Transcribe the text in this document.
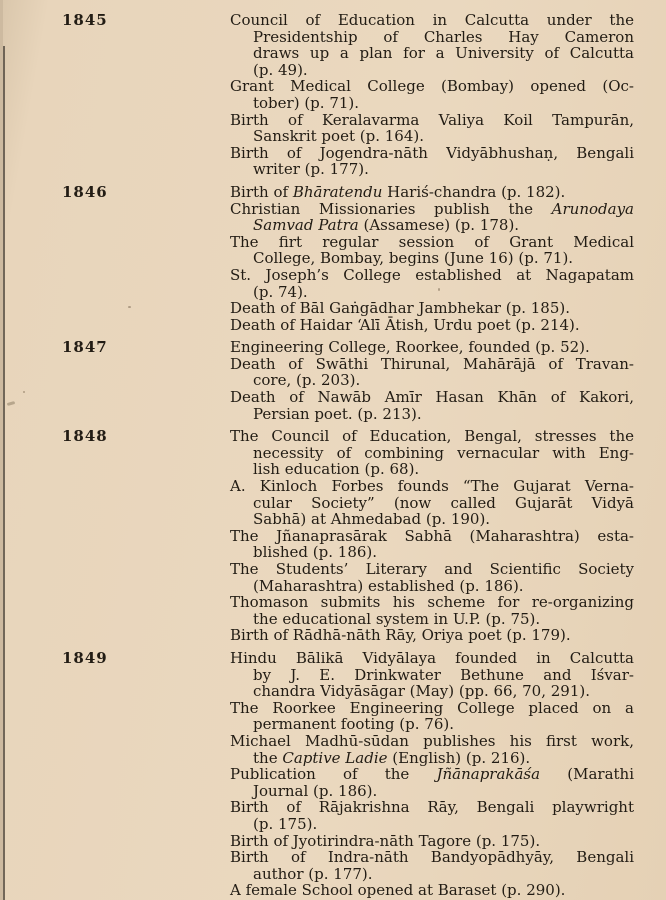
1845	Council of Education in Calcutta under the
Presidentship of Charles Hay Cameron
draws up a plan for a University of Calcutta
(p. 49).
Grant Medical College (Bombay) opened (Oc-
tober) (p. 71).
Birth of Keralavarma Valiya Koil Tampurān,
Sanskrit poet (p. 164).
Birth of Jogendra-nāth Vidyābhushaṇ, Bengali
writer (p. 177).
1846	Birth of Bhāratendu Hariś-chandra (p. 182).
Christian Missionaries publish the Arunodaya
Samvad Patra (Assamese) (p. 178).
The firt regular session of Grant Medical
College, Bombay, begins (June 16) (p. 71).
St. Joseph’s College established at Nagapatam
(p. 74).
Death of Bāl Gaṅgādhar Jambhekar (p. 185).
Death of Haidar ‘Alī Ātish, Urdu poet (p. 214).
1847	Engineering College, Roorkee, founded (p. 52).
Death of Swāthi Thirunal, Mahārājā of Travan-
core, (p. 203).
Death of Nawāb Amīr Hasan Khān of Kakori,
Persian poet. (p. 213).
1848	The Council of Education, Bengal, stresses the
necessity of combining vernacular with Eng-
lish education (p. 68).
A. Kinloch Forbes founds “The Gujarat Verna-
cular Society” (now called Gujarāt Vidyā
Sabhā) at Ahmedabad (p. 190).
The Jñanaprasārak Sabhā (Maharashtra) esta-
blished (p. 186).
The Students’ Literary and Scientific Society
(Maharashtra) established (p. 186).
Thomason submits his scheme for re-organizing
the educational system in U.P. (p. 75).
Birth of Rādhā-nāth Rāy, Oriya poet (p. 179).
1849	Hindu Bālikā Vidyālaya founded in Calcutta
by J. E. Drinkwater Bethune and Iśvar-
chandra Vidyāsāgar (May) (pp. 66, 70, 291).
The Roorkee Engineering College placed on a
permanent footing (p. 76).
Michael Madhū-sūdan publishes his first work,
the Captive Ladie (English) (p. 216).
Publication of the Jñānaprakāśa (Marathi
Journal (p. 186).
Birth of Rājakrishna Rāy, Bengali playwright
(p. 175).
Birth of Jyotirindra-nāth Tagore (p. 175).
Birth of Indra-nāth Bandyopādhyāy, Bengali
author (p. 177).
A female School opened at Baraset (p. 290).
